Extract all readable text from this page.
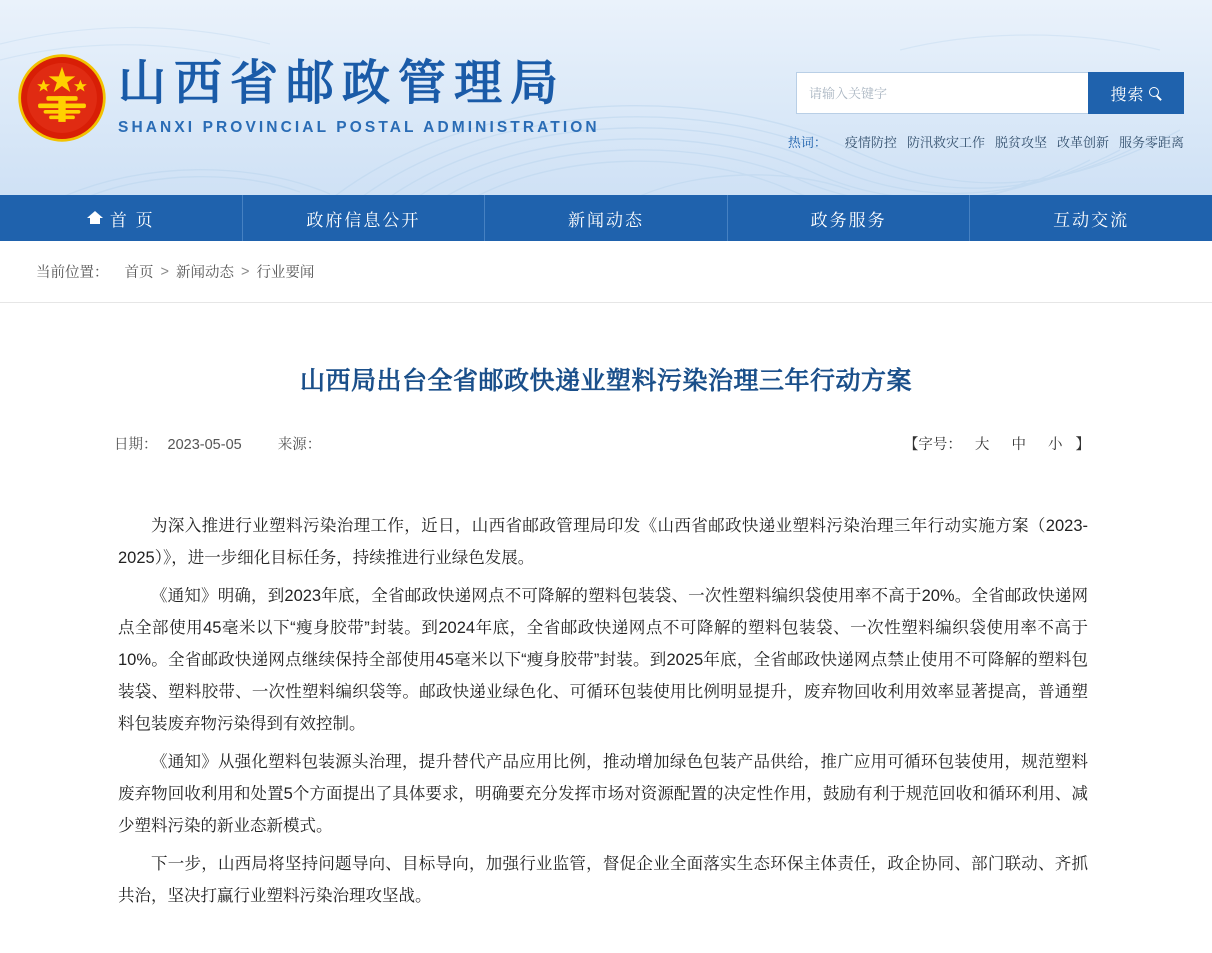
山西省邮政管理局
SHANXI PROVINCIAL POSTAL ADMINISTRATION
请输入关键字
搜索
热词： 疫情防控 防汛救灾工作 脱贫攻坚 改革创新 服务零距离
首 页	政府信息公开	新闻动态	政务服务	互动交流
当前位置： 首页 > 新闻动态 > 行业要闻
山西局出台全省邮政快递业塑料污染治理三年行动方案
日期： 2023-05-05 来源：	【字号： 大 中 小 】

为深入推进行业塑料污染治理工作，近日，山西省邮政管理局印发《山西省邮政快递业塑料污染治理三年行动实施方案（2023-2025）》，进一步细化目标任务，持续推进行业绿色发展。

《通知》明确，到2023年底，全省邮政快递网点不可降解的塑料包装袋、一次性塑料编织袋使用率不高于20%。全省邮政快递网点全部使用45毫米以下“瘦身胶带”封装。到2024年底，全省邮政快递网点不可降解的塑料包装袋、一次性塑料编织袋使用率不高于10%。全省邮政快递网点继续保持全部使用45毫米以下“瘦身胶带”封装。到2025年底，全省邮政快递网点禁止使用不可降解的塑料包装袋、塑料胶带、一次性塑料编织袋等。邮政快递业绿色化、可循环包装使用比例明显提升，废弃物回收利用效率显著提高，普通塑料包装废弃物污染得到有效控制。

《通知》从强化塑料包装源头治理，提升替代产品应用比例，推动增加绿色包装产品供给，推广应用可循环包装使用，规范塑料废弃物回收利用和处置5个方面提出了具体要求，明确要充分发挥市场对资源配置的决定性作用，鼓励有利于规范回收和循环利用、减少塑料污染的新业态新模式。

下一步，山西局将坚持问题导向、目标导向，加强行业监管，督促企业全面落实生态环保主体责任，政企协同、部门联动、齐抓共治，坚决打赢行业塑料污染治理攻坚战。
